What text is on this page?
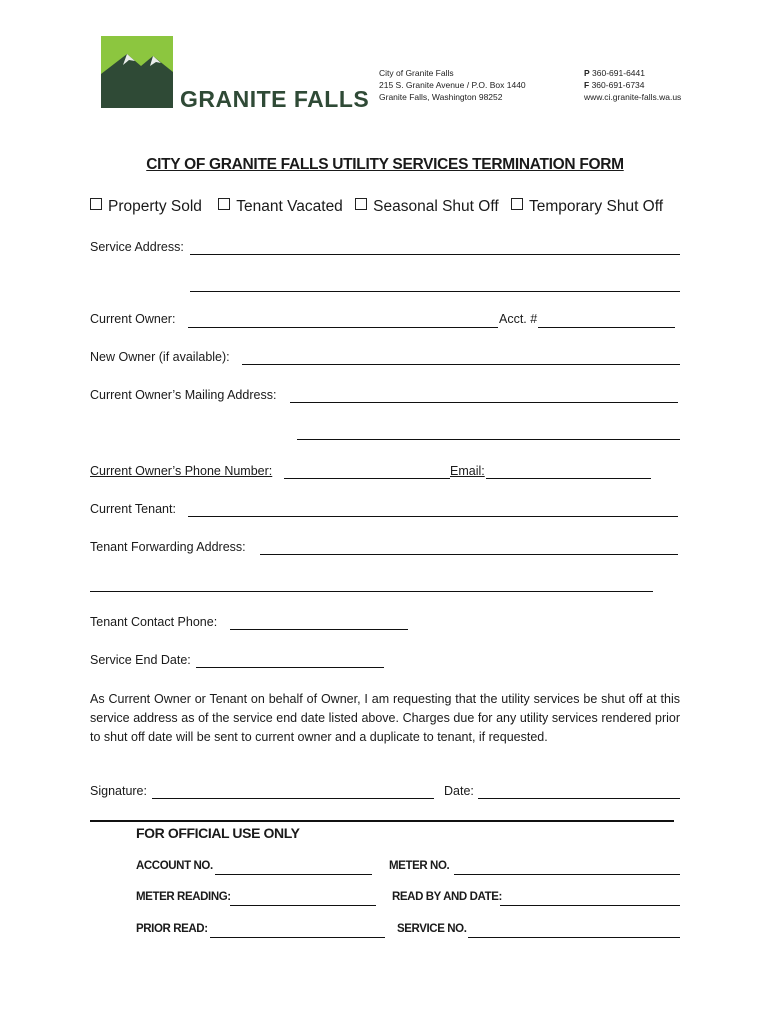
GRANITE FALLS
City of Granite Falls
215 S. Granite Avenue / P.O. Box 1440
Granite Falls, Washington 98252
P 360-691-6441
F 360-691-6734
www.ci.granite-falls.wa.us
CITY OF GRANITE FALLS UTILITY SERVICES TERMINATION FORM
Property Sold Tenant Vacated Seasonal Shut Off Temporary Shut Off
Service Address:
Current Owner:	Acct. #
New Owner (if available):
Current Owner’s Mailing Address:
Current Owner’s Phone Number:	Email:
Current Tenant:
Tenant Forwarding Address:
Tenant Contact Phone:
Service End Date:
As Current Owner or Tenant on behalf of Owner, I am requesting that the utility services be shut off at this service address as of the service end date listed above. Charges due for any utility services rendered prior to shut off date will be sent to current owner and a duplicate to tenant, if requested.
Signature:	Date:
FOR OFFICIAL USE ONLY
ACCOUNT NO.	METER NO.
METER READING:	READ BY AND DATE:
PRIOR READ:	SERVICE NO.
